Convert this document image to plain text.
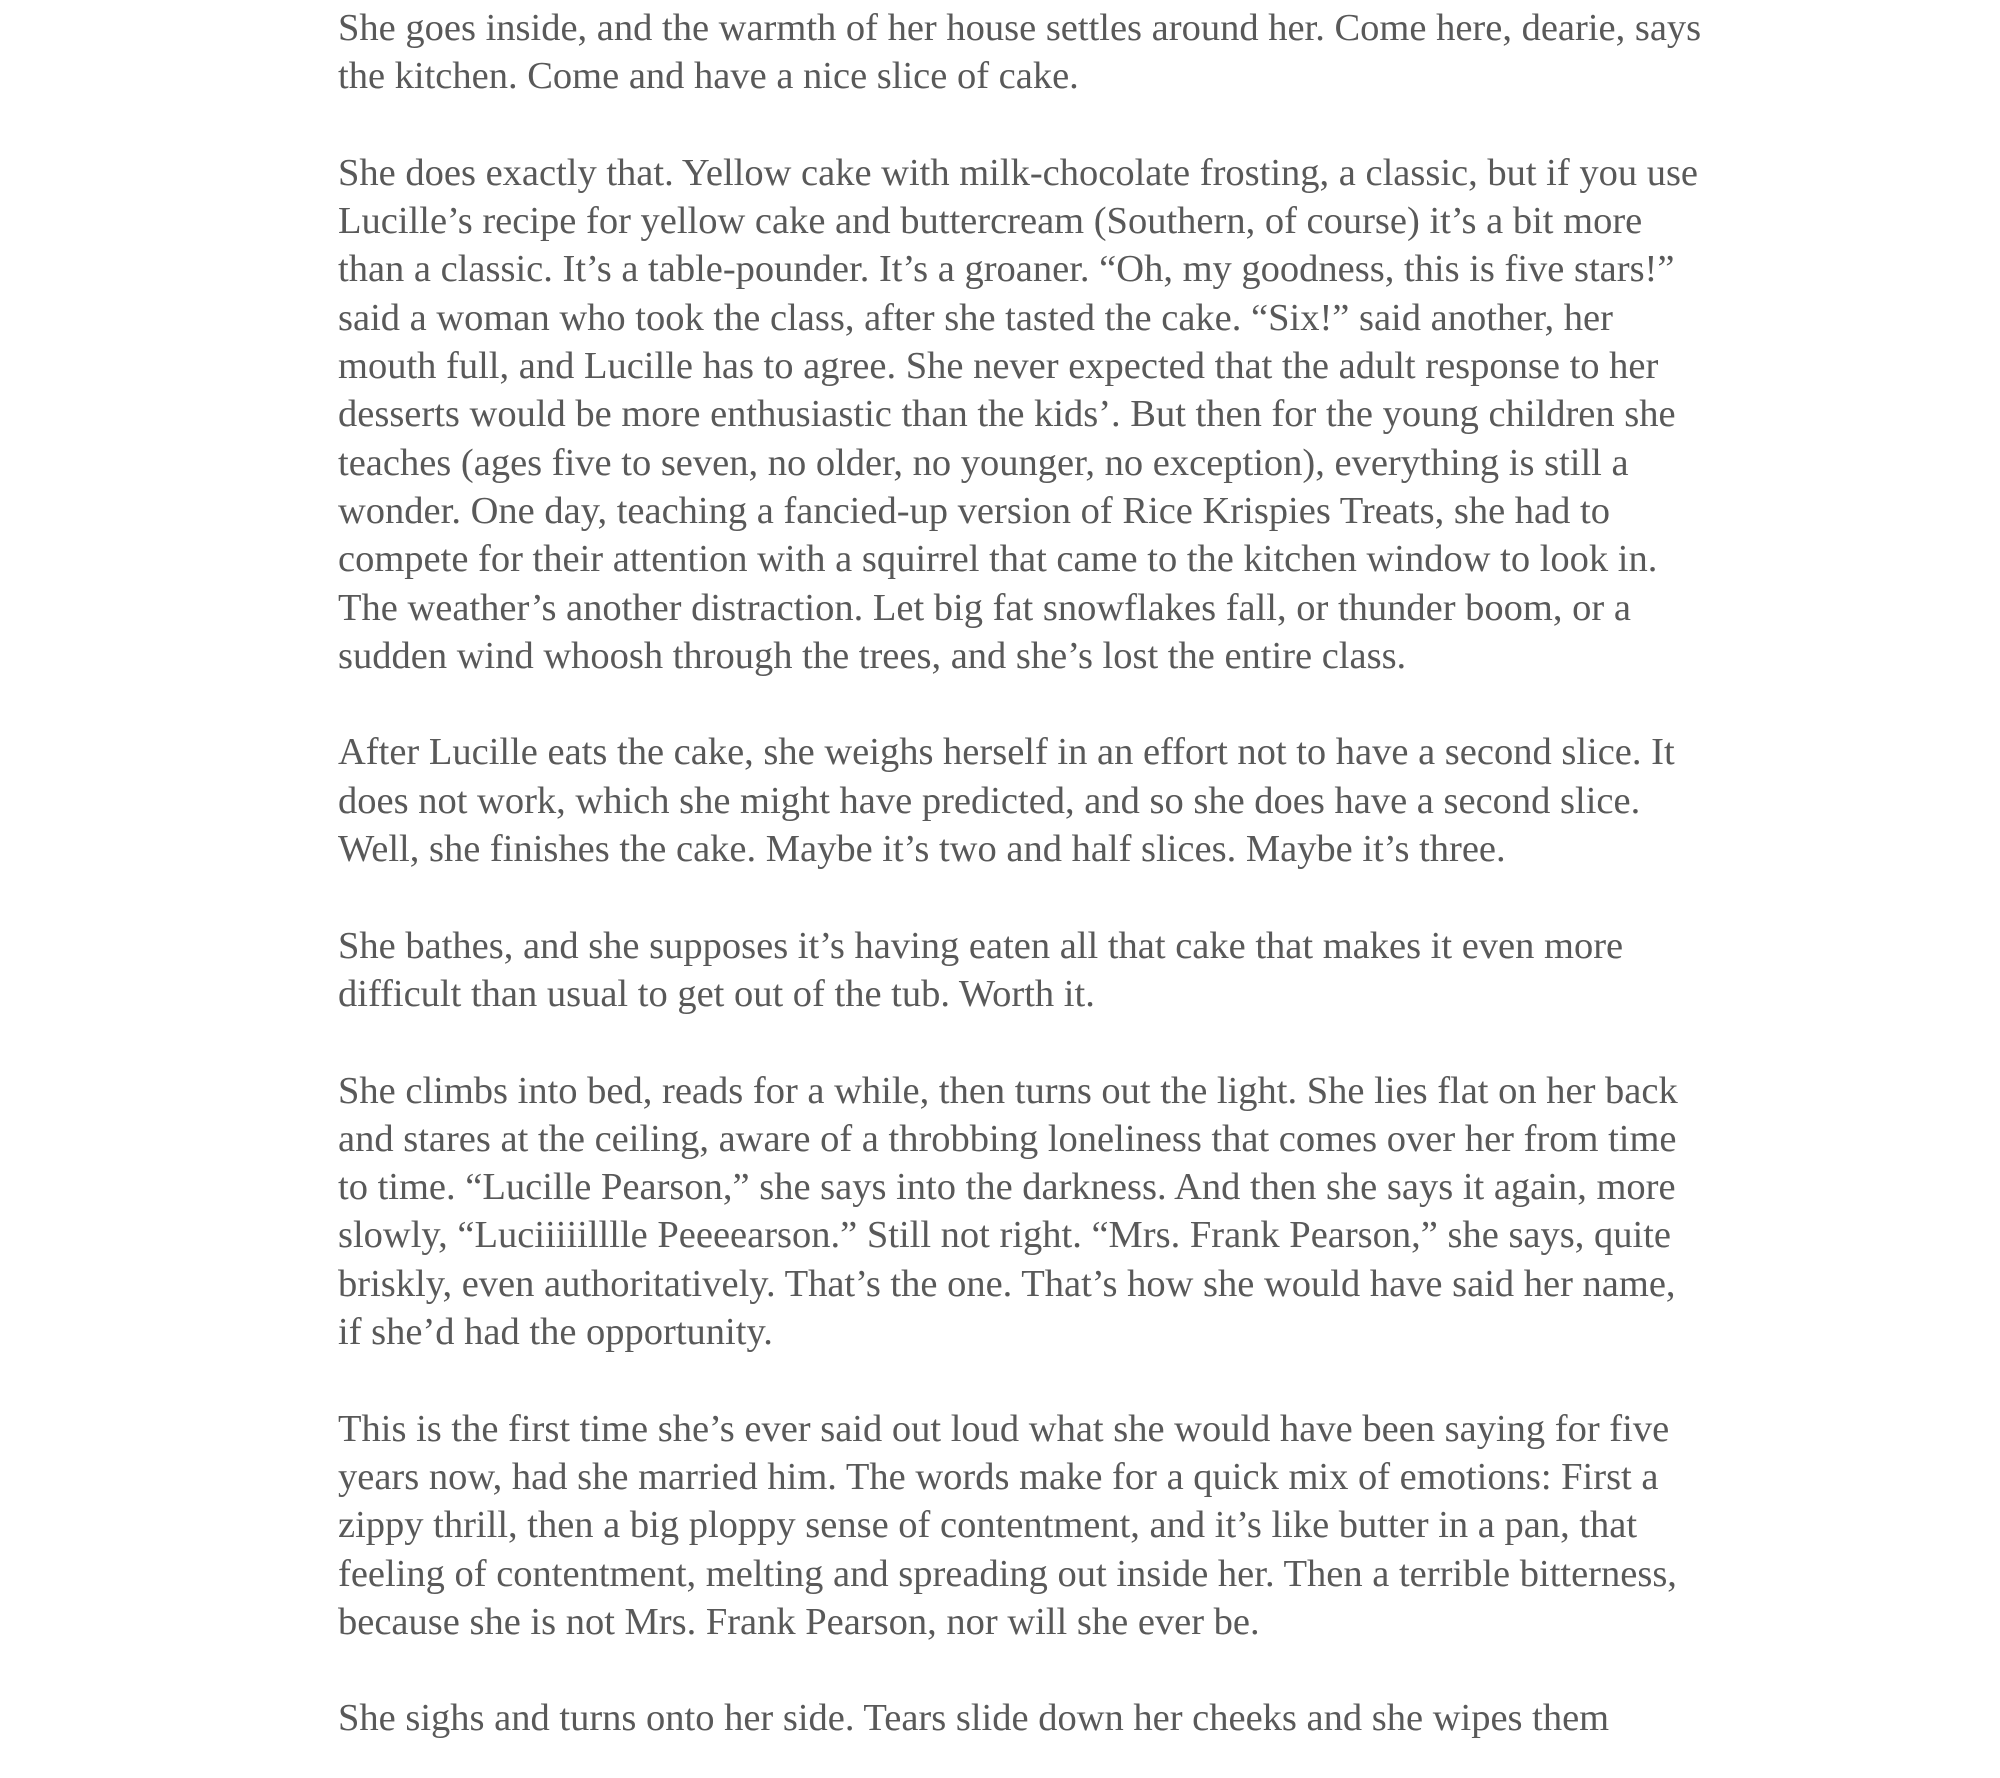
She goes inside, and the warmth of her house settles around her. Come here, dearie, says the kitchen. Come and have a nice slice of cake.

She does exactly that. Yellow cake with milk-chocolate frosting, a classic, but if you use Lucille’s recipe for yellow cake and buttercream (Southern, of course) it’s a bit more than a classic. It’s a table-pounder. It’s a groaner. “Oh, my goodness, this is five stars!” said a woman who took the class, after she tasted the cake. “Six!” said another, her mouth full, and Lucille has to agree. She never expected that the adult response to her desserts would be more enthusiastic than the kids’. But then for the young children she teaches (ages five to seven, no older, no younger, no exception), everything is still a wonder. One day, teaching a fancied-up version of Rice Krispies Treats, she had to compete for their attention with a squirrel that came to the kitchen window to look in. The weather’s another distraction. Let big fat snowflakes fall, or thunder boom, or a sudden wind whoosh through the trees, and she’s lost the entire class.

After Lucille eats the cake, she weighs herself in an effort not to have a second slice. It does not work, which she might have predicted, and so she does have a second slice. Well, she finishes the cake. Maybe it’s two and half slices. Maybe it’s three.

She bathes, and she supposes it’s having eaten all that cake that makes it even more difficult than usual to get out of the tub. Worth it.

She climbs into bed, reads for a while, then turns out the light. She lies flat on her back and stares at the ceiling, aware of a throbbing loneliness that comes over her from time to time. “Lucille Pearson,” she says into the darkness. And then she says it again, more slowly, “Luciiiiilllle Peeeearson.” Still not right. “Mrs. Frank Pearson,” she says, quite briskly, even authoritatively. That’s the one. That’s how she would have said her name, if she’d had the opportunity.

This is the first time she’s ever said out loud what she would have been saying for five years now, had she married him. The words make for a quick mix of emotions: First a zippy thrill, then a big ploppy sense of contentment, and it’s like butter in a pan, that feeling of contentment, melting and spreading out inside her. Then a terrible bitterness, because she is not Mrs. Frank Pearson, nor will she ever be.

She sighs and turns onto her side. Tears slide down her cheeks and she wipes them
